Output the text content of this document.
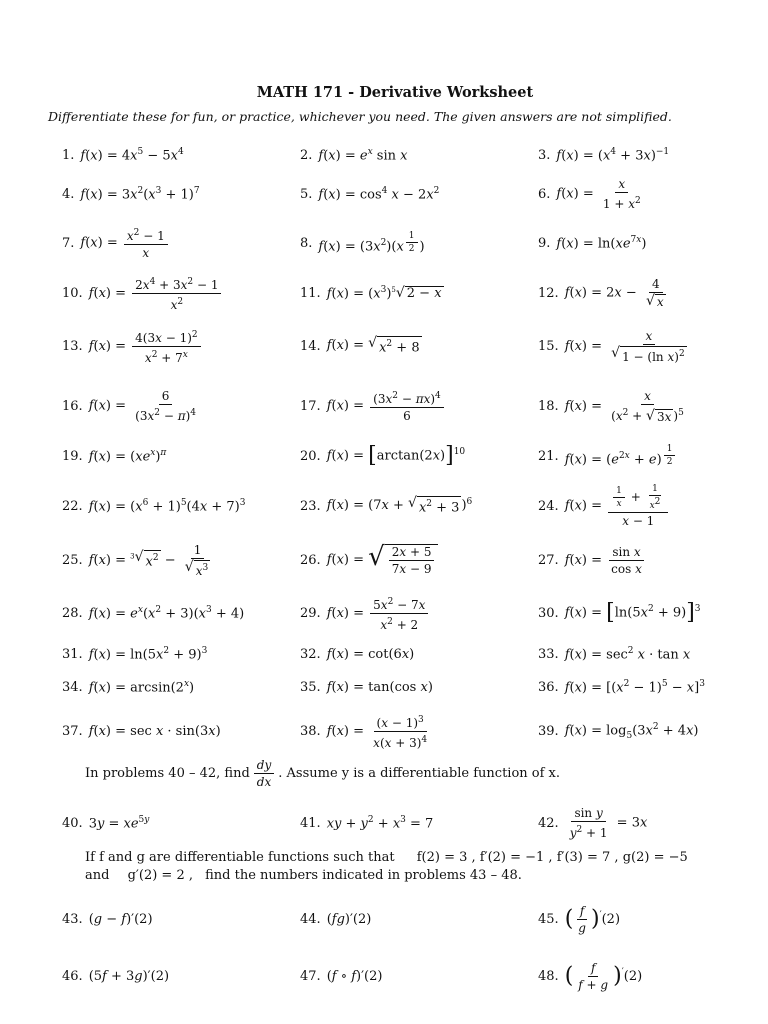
MATH 171 - Derivative Worksheet
Differentiate these for fun, or practice, whichever you need. The given answers are not simplified.
1. $f(x) = 4x^5 - 5x^4$	2. $f(x) = e^x$ sin x	3. $f(x) = (x^4 + 3x)^{-1}$
4. $f(x) = 3x^2(x^3 + 1)^7$	5. $f(x) = \cos^4 x - 2x^2$	6. $f(x) = \frac{x}{1 + x^2}$
7. $f(x) = \frac{x^2 - 1}{x}$	8. $f(x) = (3x^2)(x$ $^{\frac{1}{2}}$ )	9. $f(x) = \ln(xe^{7x})$
10. $f(x) = \frac{2x^4 + 3x^2 - 1}{x^2}$	11. $f(x) = (x^3)^5$ √ 2 − x	12. $f(x) = 2x - \frac{4}{√ x}$
13. $f(x) = \frac{4(3x - 1)^2}{x^2 + 7^x}$	14. f(x) = √ $x^2 + 8$	15. $f(x) = \frac{x}{√ 1 - (\ln x)^2}$
16. $f(x) = \frac{6}{(3x^2 - \pi)^4}$	17. $f(x) = \frac{(3x^2 - \pi x)^4}{6}$	18. $f(x) = \frac{x}{(x^2 + √ 3x )^5}$
19. $f(x) = (xe^x)^\pi$	20. $f(x) = [\arctan(2x)]^{10}$	21. $f(x) = (e^{2x} + e)$ $^{\frac{1}{2}}$
22. $f(x) = (x^6 + 1)^5(4x + 7)^3$	23. f(x) = (7x + √ $x^2 + 3$ )$^6$	24. $f(x) = \frac{\frac{1}{x} + \frac{1}{x^2}}{x - 1}$
25. f(x) = $^3$ √ $x^2 - \frac{1}{√ x^3}$	26. f(x) = √ $\frac{2x + 5}{7x - 9}$	27. $f(x) = \frac{\text{sin x}}{\text{cos x}}$
28. $f(x) = e^x(x^2 + 3)(x^3 + 4)$	29. $f(x) = \frac{5x^2 - 7x}{x^2 + 2}$	30. $f(x) = [\ln(5x^2 + 9)]^3$
31. $f(x) = \ln(5x^2 + 9)^3$	32. f(x) = cot(6x)	33. $f(x) = \sec^2 x \cdot \tan x$
34. $f(x) = \arcsin(2^x)$	35. f(x) = tan(cos x)	36. $f(x) = [(x^2 - 1)^5 - x]^3$
37. f(x) = sec x · sin(3x)	38. $f(x) = \frac{(x - 1)^3}{x(x + 3)^4}$	39. $f(x) = \log_5(3x^2 + 4x)$
In problems 40 – 42, find $\frac{dy}{dx}$ . Assume y is a differentiable function of x.
40. $3y = xe^{5y}$	41. xy + $y^2 + x^3 = 7$	42. $\frac{\text{sin y}}{y^2 + 1} = 3x$
If f and g are differentiable functions such that f(2) = 3 , f′(2) = −1 , f′(3) = 7 , g(2) = −5
and g′(2) = 2 , find the numbers indicated in problems 43 – 48.
43. (g − f)′(2)	44. (fg)′(2)	45. ( $\frac{f}{g} )'(2)$
46. (5f + 3g)′(2)	47. (f ∘ f)′(2)	48. ( $\frac{f}{f + g} )'(2)$
